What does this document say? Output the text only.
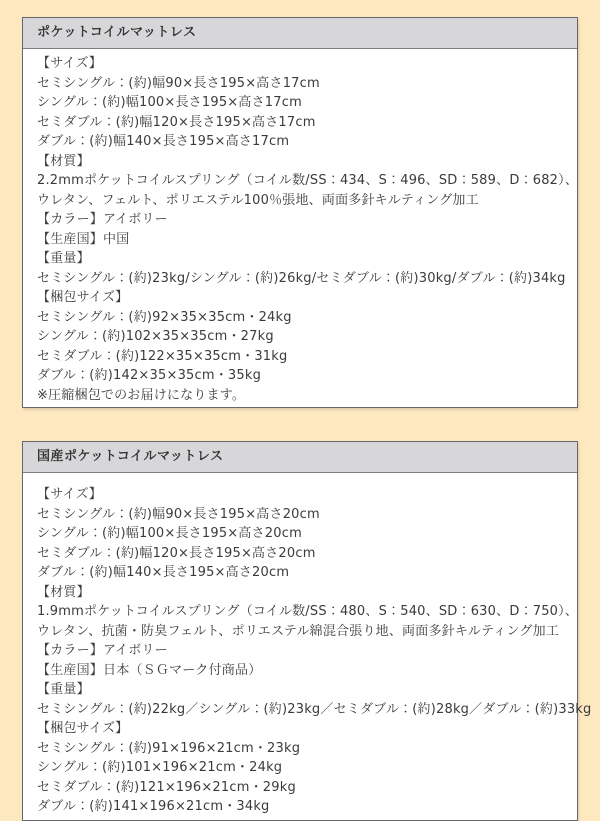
ポケットコイルマットレス
【サイズ】
セミシングル：(約)幅90×長さ195×高さ17cm
シングル：(約)幅100×長さ195×高さ17cm
セミダブル：(約)幅120×長さ195×高さ17cm
ダブル：(約)幅140×長さ195×高さ17cm
【材質】
2.2mmポケットコイルスプリング（コイル数/SS：434、S：496、SD：589、D：682）、
ウレタン、フェルト、ポリエステル100％張地、両面多針キルティング加工
【カラー】アイボリー
【生産国】中国
【重量】
セミシングル：(約)23kg/シングル：(約)26kg/セミダブル：(約)30kg/ダブル：(約)34kg
【梱包サイズ】
セミシングル：(約)92×35×35cm・24kg
シングル：(約)102×35×35cm・27kg
セミダブル：(約)122×35×35cm・31kg
ダブル：(約)142×35×35cm・35kg
※圧縮梱包でのお届けになります。
国産ポケットコイルマットレス
【サイズ】
セミシングル：(約)幅90×長さ195×高さ20cm
シングル：(約)幅100×長さ195×高さ20cm
セミダブル：(約)幅120×長さ195×高さ20cm
ダブル：(約)幅140×長さ195×高さ20cm
【材質】
1.9mmポケットコイルスプリング（コイル数/SS：480、S：540、SD：630、D：750）、
ウレタン、抗菌・防臭フェルト、ポリエステル綿混合張り地、両面多針キルティング加工
【カラー】アイボリー
【生産国】日本（ＳＧマーク付商品）
【重量】
セミシングル：(約)22kg／シングル：(約)23kg／セミダブル：(約)28kg／ダブル：(約)33kg
【梱包サイズ】
セミシングル：(約)91×196×21cm・23kg
シングル：(約)101×196×21cm・24kg
セミダブル：(約)121×196×21cm・29kg
ダブル：(約)141×196×21cm・34kg
